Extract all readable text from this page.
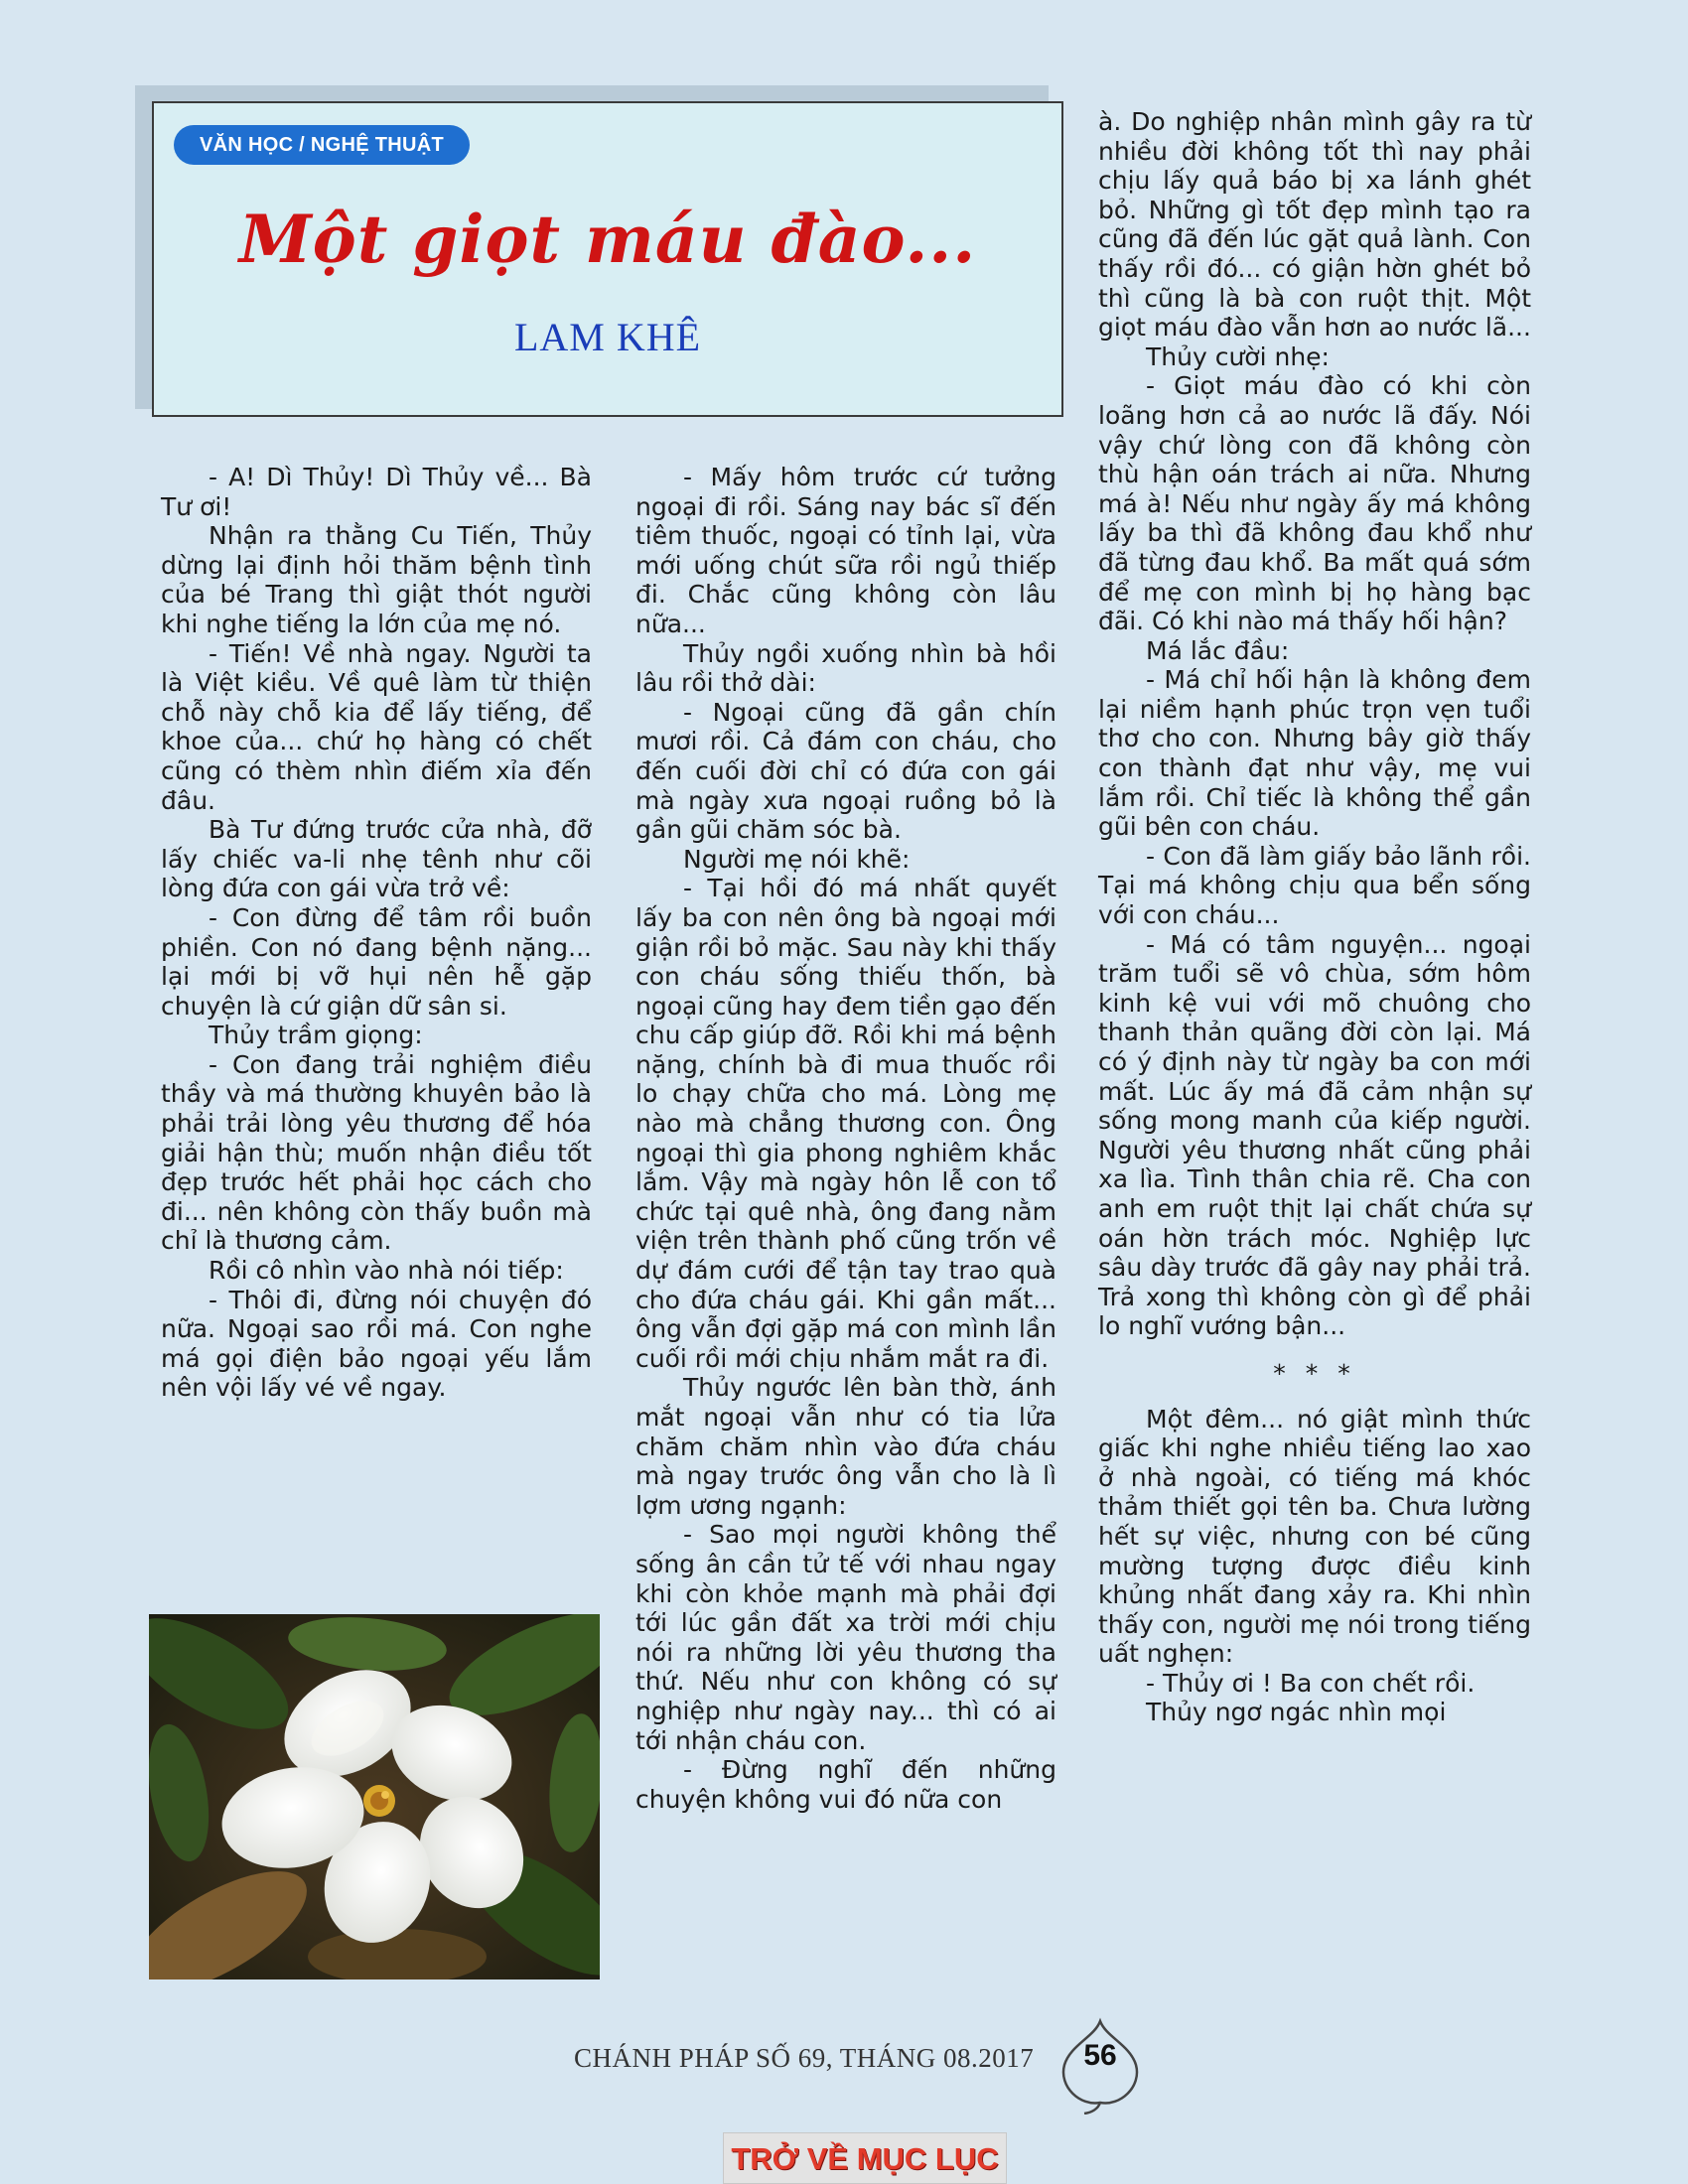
VĂN HỌC / NGHỆ THUẬT
Một giọt máu đào...
LAM KHÊ

- A! Dì Thủy! Dì Thủy về... Bà Tư ơi!

Nhận ra thằng Cu Tiến, Thủy dừng lại định hỏi thăm bệnh tình của bé Trang thì giật thót người khi nghe tiếng la lớn của mẹ nó.

- Tiến! Về nhà ngay. Người ta là Việt kiều. Về quê làm từ thiện chỗ này chỗ kia để lấy tiếng, để khoe của... chứ họ hàng có chết cũng có thèm nhìn điếm xỉa đến đâu.

Bà Tư đứng trước cửa nhà, đỡ lấy chiếc va-li nhẹ tênh như cõi lòng đứa con gái vừa trở về:

- Con đừng để tâm rồi buồn phiền. Con nó đang bệnh nặng... lại mới bị vỡ hụi nên hễ gặp chuyện là cứ giận dữ sân si.

Thủy trầm giọng:

- Con đang trải nghiệm điều thầy và má thường khuyên bảo là phải trải lòng yêu thương để hóa giải hận thù; muốn nhận điều tốt đẹp trước hết phải học cách cho đi... nên không còn thấy buồn mà chỉ là thương cảm.

Rồi cô nhìn vào nhà nói tiếp:

- Thôi đi, đừng nói chuyện đó nữa. Ngoại sao rồi má. Con nghe má gọi điện bảo ngoại yếu lắm nên vội lấy vé về ngay.

- Mấy hôm trước cứ tưởng ngoại đi rồi. Sáng nay bác sĩ đến tiêm thuốc, ngoại có tỉnh lại, vừa mới uống chút sữa rồi ngủ thiếp đi. Chắc cũng không còn lâu nữa...

Thủy ngồi xuống nhìn bà hồi lâu rồi thở dài:

- Ngoại cũng đã gần chín mươi rồi. Cả đám con cháu, cho đến cuối đời chỉ có đứa con gái mà ngày xưa ngoại ruồng bỏ là gần gũi chăm sóc bà.

Người mẹ nói khẽ:

- Tại hồi đó má nhất quyết lấy ba con nên ông bà ngoại mới giận rồi bỏ mặc. Sau này khi thấy con cháu sống thiếu thốn, bà ngoại cũng hay đem tiền gạo đến chu cấp giúp đỡ. Rồi khi má bệnh nặng, chính bà đi mua thuốc rồi lo chạy chữa cho má. Lòng mẹ nào mà chẳng thương con. Ông ngoại thì gia phong nghiêm khắc lắm. Vậy mà ngày hôn lễ con tổ chức tại quê nhà, ông đang nằm viện trên thành phố cũng trốn về dự đám cưới để tận tay trao quà cho đứa cháu gái. Khi gần mất... ông vẫn đợi gặp má con mình lần cuối rồi mới chịu nhắm mắt ra đi.

Thủy ngước lên bàn thờ, ánh mắt ngoại vẫn như có tia lửa chăm chăm nhìn vào đứa cháu mà ngay trước ông vẫn cho là lì lợm ương ngạnh:

- Sao mọi người không thể sống ân cần tử tế với nhau ngay khi còn khỏe mạnh mà phải đợi tới lúc gần đất xa trời mới chịu nói ra những lời yêu thương tha thứ. Nếu như con không có sự nghiệp như ngày nay... thì có ai tới nhận cháu con.

- Đừng nghĩ đến những chuyện không vui đó nữa con

à. Do nghiệp nhân mình gây ra từ nhiều đời không tốt thì nay phải chịu lấy quả báo bị xa lánh ghét bỏ. Những gì tốt đẹp mình tạo ra cũng đã đến lúc gặt quả lành. Con thấy rồi đó... có giận hờn ghét bỏ thì cũng là bà con ruột thịt. Một giọt máu đào vẫn hơn ao nước lã...

Thủy cười nhẹ:

- Giọt máu đào có khi còn loãng hơn cả ao nước lã đấy. Nói vậy chứ lòng con đã không còn thù hận oán trách ai nữa. Nhưng má à! Nếu như ngày ấy má không lấy ba thì đã không đau khổ như đã từng đau khổ. Ba mất quá sớm để mẹ con mình bị họ hàng bạc đãi. Có khi nào má thấy hối hận?

Má lắc đầu:

- Má chỉ hối hận là không đem lại niềm hạnh phúc trọn vẹn tuổi thơ cho con. Nhưng bây giờ thấy con thành đạt như vậy, mẹ vui lắm rồi. Chỉ tiếc là không thể gần gũi bên con cháu.

- Con đã làm giấy bảo lãnh rồi. Tại má không chịu qua bển sống với con cháu...

- Má có tâm nguyện... ngoại trăm tuổi sẽ vô chùa, sớm hôm kinh kệ vui với mõ chuông cho thanh thản quãng đời còn lại. Má có ý định này từ ngày ba con mới mất. Lúc ấy má đã cảm nhận sự sống mong manh của kiếp người. Người yêu thương nhất cũng phải xa lìa. Tình thân chia rẽ. Cha con anh em ruột thịt lại chất chứa sự oán hờn trách móc. Nghiệp lực sâu dày trước đã gây nay phải trả. Trả xong thì không còn gì để phải lo nghĩ vướng bận...

* * *

Một đêm... nó giật mình thức giấc khi nghe nhiều tiếng lao xao ở nhà ngoài, có tiếng má khóc thảm thiết gọi tên ba. Chưa lường hết sự việc, nhưng con bé cũng mường tượng được điều kinh khủng nhất đang xảy ra. Khi nhìn thấy con, người mẹ nói trong tiếng uất nghẹn:

- Thủy ơi ! Ba con chết rồi.

Thủy ngơ ngác nhìn mọi

CHÁNH PHÁP SỐ 69, THÁNG 08.2017	56
TRỞ VỀ MỤC LỤC
